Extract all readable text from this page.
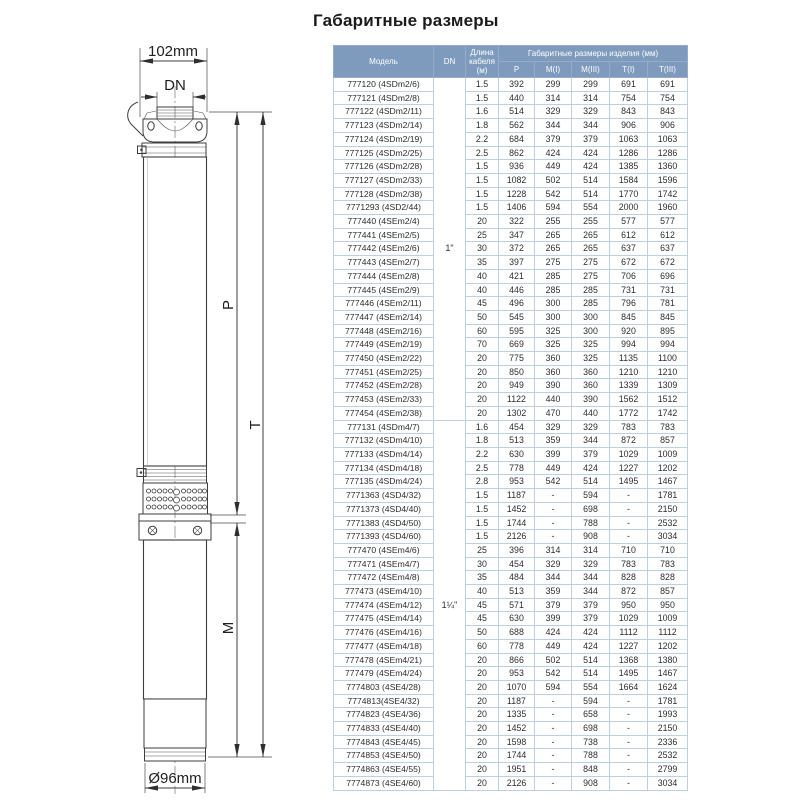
Габаритные размеры
102mm
DN
Ø96mm
P
M
T
Модель	DN	Длина кабеля (м)	Габаритные размеры изделия (мм)				
			P	M(I)	M(III)	T(I)	T(III)
777120 (4SDm2/6)	1"	1.5	392	299	299	691	691
777121 (4SDm2/8)		1.5	440	314	314	754	754
777122 (4SDm2/11)		1.6	514	329	329	843	843
777123 (4SDm2/14)		1.8	562	344	344	906	906
777124 (4SDm2/19)		2.2	684	379	379	1063	1063
777125 (4SDm2/25)		2.5	862	424	424	1286	1286
777126 (4SDm2/28)		1.5	936	449	424	1385	1360
777127 (4SDm2/33)		1.5	1082	502	514	1584	1596
777128 (4SDm2/38)		1.5	1228	542	514	1770	1742
7771293 (4SD2/44)		1.5	1406	594	554	2000	1960
777440 (4SEm2/4)		20	322	255	255	577	577
777441 (4SEm2/5)		25	347	265	265	612	612
777442 (4SEm2/6)		30	372	265	265	637	637
777443 (4SEm2/7)		35	397	275	275	672	672
777444 (4SEm2/8)		40	421	285	275	706	696
777445 (4SEm2/9)		40	446	285	285	731	731
777446 (4SEm2/11)		45	496	300	285	796	781
777447 (4SEm2/14)		50	545	300	300	845	845
777448 (4SEm2/16)		60	595	325	300	920	895
777449 (4SEm2/19)		70	669	325	325	994	994
777450 (4SEm2/22)		20	775	360	325	1135	1100
777451 (4SEm2/25)		20	850	360	360	1210	1210
777452 (4SEm2/28)		20	949	390	360	1339	1309
777453 (4SEm2/33)		20	1122	440	390	1562	1512
777454 (4SEm2/38)		20	1302	470	440	1772	1742
777131 (4SDm4/7)	1¼"	1.6	454	329	329	783	783
777132 (4SDm4/10)		1.8	513	359	344	872	857
777133 (4SDm4/14)		2.2	630	399	379	1029	1009
777134 (4SDm4/18)		2.5	778	449	424	1227	1202
777135 (4SDm4/24)		2.8	953	542	514	1495	1467
7771363 (4SD4/32)		1.5	1187	-	594	-	1781
7771373 (4SD4/40)		1.5	1452	-	698	-	2150
7771383 (4SD4/50)		1.5	1744	-	788	-	2532
7771393 (4SD4/60)		1.5	2126	-	908	-	3034
777470 (4SEm4/6)		25	396	314	314	710	710
777471 (4SEm4/7)		30	454	329	329	783	783
777472 (4SEm4/8)		35	484	344	344	828	828
777473 (4SEm4/10)		40	513	359	344	872	857
777474 (4SEm4/12)		45	571	379	379	950	950
777475 (4SEm4/14)		45	630	399	379	1029	1009
777476 (4SEm4/16)		50	688	424	424	1112	1112
777477 (4SEm4/18)		60	778	449	424	1227	1202
777478 (4SEm4/21)		20	866	502	514	1368	1380
777479 (4SEm4/24)		20	953	542	514	1495	1467
7774803 (4SE4/28)		20	1070	594	554	1664	1624
7774813(4SE4/32)		20	1187	-	594	-	1781
7774823 (4SE4/36)		20	1335	-	658	-	1993
7774833 (4SE4/40)		20	1452	-	698	-	2150
7774843 (4SE4/45)		20	1598	-	738	-	2336
7774853 (4SE4/50)		20	1744	-	788	-	2532
7774863 (4SE4/55)		20	1951	-	848	-	2799
7774873 (4SE4/60)		20	2126	-	908	-	3034
